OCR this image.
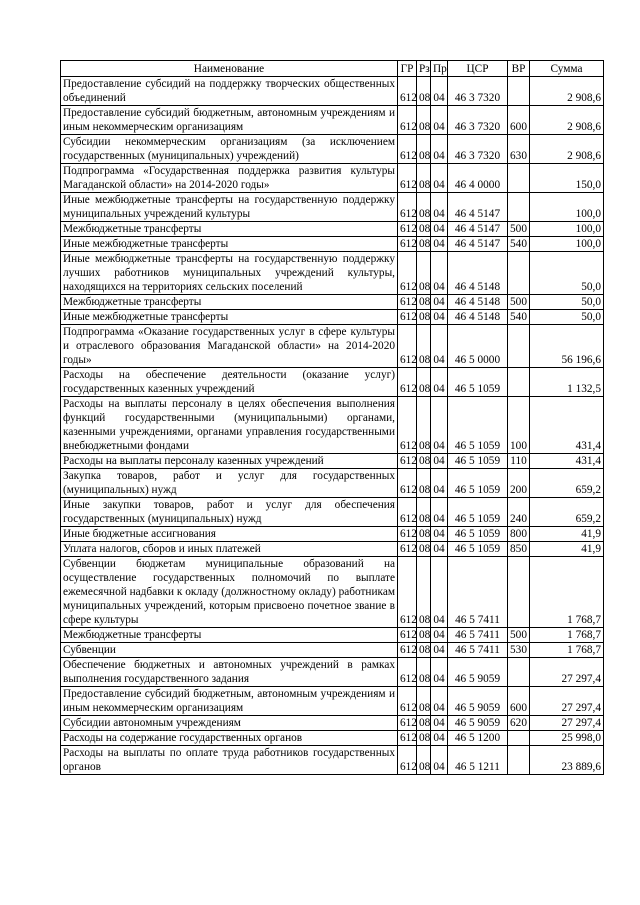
Наименование	ГР	Рз	Пр	ЦСР	ВР	Сумма
Предоставление субсидий на поддержку творческих общественных объединений	612	08	04	46 3 7320		2 908,6
Предоставление субсидий бюджетным, автономным учреждениям и иным некоммерческим организациям	612	08	04	46 3 7320	600	2 908,6
Субсидии некоммерческим организациям (за исключением государственных (муниципальных) учреждений)	612	08	04	46 3 7320	630	2 908,6
Подпрограмма «Государственная поддержка развития культуры Магаданской области» на 2014-2020 годы»	612	08	04	46 4 0000		150,0
Иные межбюджетные трансферты на государственную поддержку муниципальных учреждений культуры	612	08	04	46 4 5147		100,0
Межбюджетные трансферты	612	08	04	46 4 5147	500	100,0
Иные межбюджетные трансферты	612	08	04	46 4 5147	540	100,0
Иные межбюджетные трансферты на государственную поддержку лучших работников муниципальных учреждений культуры, находящихся на территориях сельских поселений	612	08	04	46 4 5148		50,0
Межбюджетные трансферты	612	08	04	46 4 5148	500	50,0
Иные межбюджетные трансферты	612	08	04	46 4 5148	540	50,0
Подпрограмма «Оказание государственных услуг в сфере культуры и отраслевого образования Магаданской области» на 2014-2020 годы»	612	08	04	46 5 0000		56 196,6
Расходы на обеспечение деятельности (оказание услуг) государственных казенных учреждений	612	08	04	46 5 1059		1 132,5
Расходы на выплаты персоналу в целях обеспечения выполнения функций государственными (муниципальными) органами, казенными учреждениями, органами управления государственными внебюджетными фондами	612	08	04	46 5 1059	100	431,4
Расходы на выплаты персоналу казенных учреждений	612	08	04	46 5 1059	110	431,4
Закупка товаров, работ и услуг для государственных (муниципальных) нужд	612	08	04	46 5 1059	200	659,2
Иные закупки товаров, работ и услуг для обеспечения государственных (муниципальных) нужд	612	08	04	46 5 1059	240	659,2
Иные бюджетные ассигнования	612	08	04	46 5 1059	800	41,9
Уплата налогов, сборов и иных платежей	612	08	04	46 5 1059	850	41,9
Субвенции бюджетам муниципальные образований на осуществление государственных полномочий по выплате ежемесячной надбавки к окладу (должностному окладу) работникам муниципальных учреждений, которым присвоено почетное звание в сфере культуры	612	08	04	46 5 7411		1 768,7
Межбюджетные трансферты	612	08	04	46 5 7411	500	1 768,7
Субвенции	612	08	04	46 5 7411	530	1 768,7
Обеспечение бюджетных и автономных учреждений в рамках выполнения государственного задания	612	08	04	46 5 9059		27 297,4
Предоставление субсидий бюджетным, автономным учреждениям и иным некоммерческим организациям	612	08	04	46 5 9059	600	27 297,4
Субсидии автономным учреждениям	612	08	04	46 5 9059	620	27 297,4
Расходы на содержание государственных органов	612	08	04	46 5 1200		25 998,0
Расходы на выплаты по оплате труда работников государственных органов	612	08	04	46 5 1211		23 889,6
